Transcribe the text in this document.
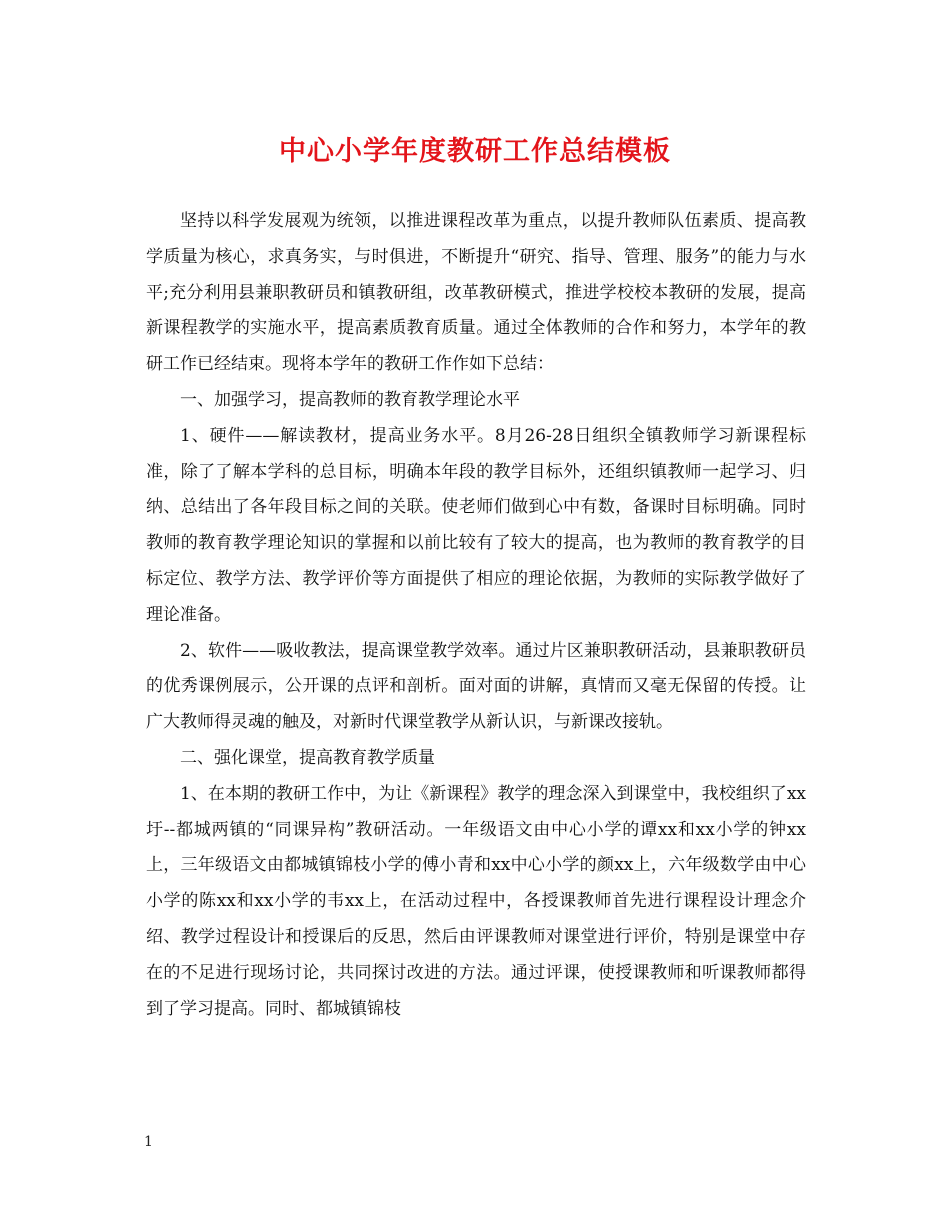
中心小学年度教研工作总结模板

坚持以科学发展观为统领，以推进课程改革为重点，以提升教师队伍素质、提高教学质量为核心，求真务实，与时俱进，不断提升“研究、指导、管理、服务”的能力与水平;充分利用县兼职教研员和镇教研组，改革教研模式，推进学校校本教研的发展，提高新课程教学的实施水平，提高素质教育质量。通过全体教师的合作和努力，本学年的教研工作已经结束。现将本学年的教研工作作如下总结：

一、加强学习，提高教师的教育教学理论水平

1、硬件——解读教材，提高业务水平。8月26-28日组织全镇教师学习新课程标准，除了了解本学科的总目标，明确本年段的教学目标外，还组织镇教师一起学习、归纳、总结出了各年段目标之间的关联。使老师们做到心中有数，备课时目标明确。同时教师的教育教学理论知识的掌握和以前比较有了较大的提高，也为教师的教育教学的目标定位、教学方法、教学评价等方面提供了相应的理论依据，为教师的实际教学做好了理论准备。

2、软件——吸收教法，提高课堂教学效率。通过片区兼职教研活动，县兼职教研员的优秀课例展示，公开课的点评和剖析。面对面的讲解，真情而又毫无保留的传授。让广大教师得灵魂的触及，对新时代课堂教学从新认识，与新课改接轨。

二、强化课堂，提高教育教学质量

1、在本期的教研工作中，为让《新课程》教学的理念深入到课堂中，我校组织了xx圩--都城两镇的“同课异构”教研活动。一年级语文由中心小学的谭xx和xx小学的钟xx上，三年级语文由都城镇锦枝小学的傅小青和xx中心小学的颜xx上，六年级数学由中心小学的陈xx和xx小学的韦xx上，在活动过程中，各授课教师首先进行课程设计理念介绍、教学过程设计和授课后的反思，然后由评课教师对课堂进行评价，特别是课堂中存在的不足进行现场讨论，共同探讨改进的方法。通过评课，使授课教师和听课教师都得到了学习提高。同时、都城镇锦枝

1
